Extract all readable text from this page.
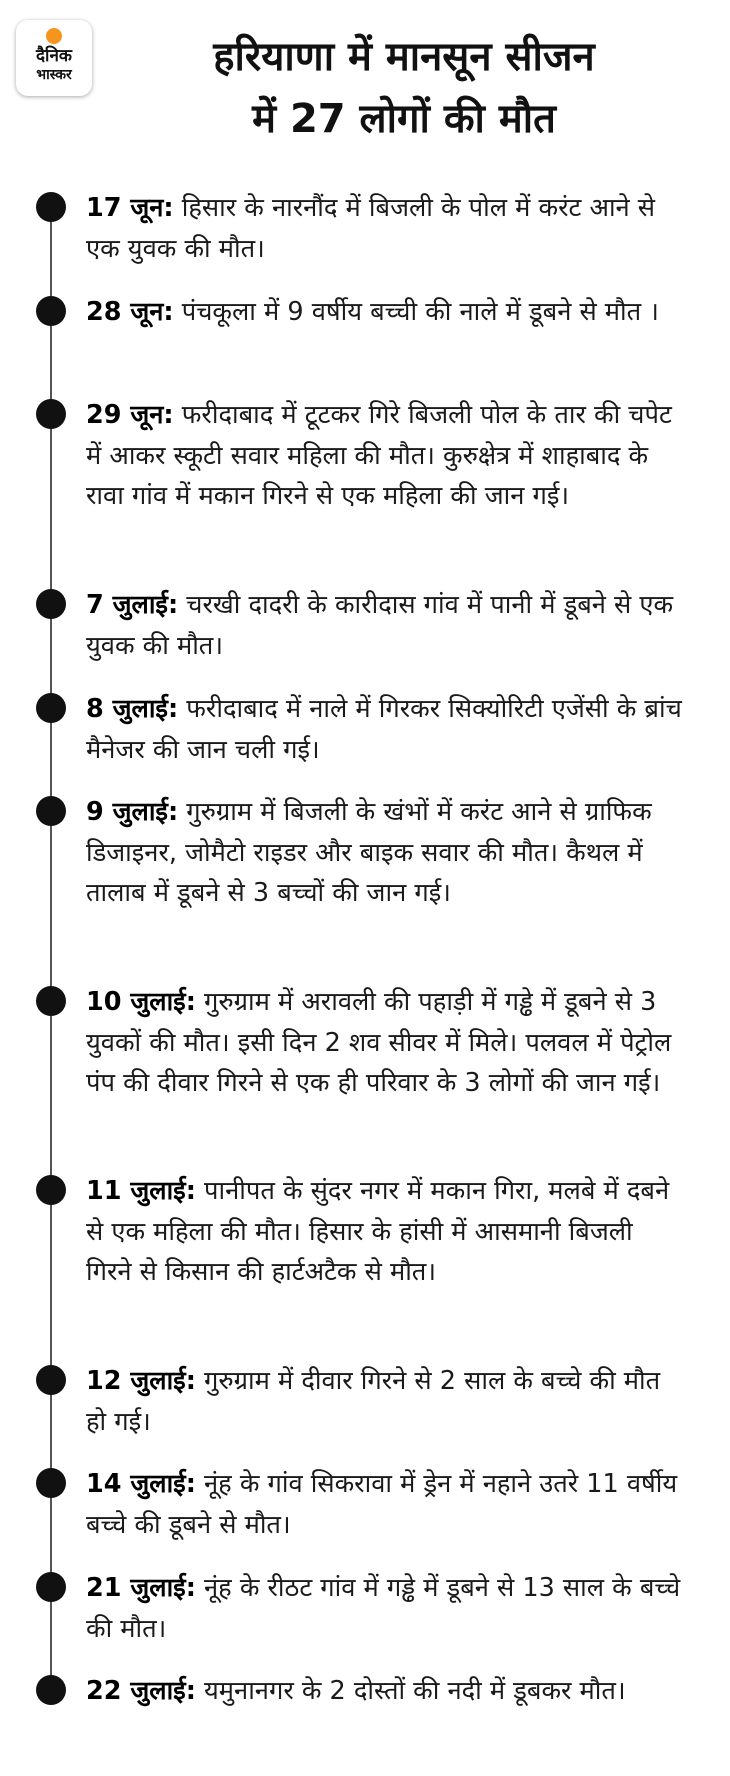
दैनिक
भास्कर	हरियाणा में मानसून सीजन
में 27 लोगों की मौत
17 जून: हिसार के नारनौंद में बिजली के पोल में करंट आने से एक युवक की मौत।
28 जून: पंचकूला में 9 वर्षीय बच्ची की नाले में डूबने से मौत ।
29 जून: फरीदाबाद में टूटकर गिरे बिजली पोल के तार की चपेट में आकर स्कूटी सवार महिला की मौत। कुरुक्षेत्र में शाहाबाद के रावा गांव में मकान गिरने से एक महिला की जान गई।
7 जुलाई: चरखी दादरी के कारीदास गांव में पानी में डूबने से एक युवक की मौत।
8 जुलाई: फरीदाबाद में नाले में गिरकर सिक्योरिटी एजेंसी के ब्रांच मैनेजर की जान चली गई।
9 जुलाई: गुरुग्राम में बिजली के खंभों में करंट आने से ग्राफिक डिजाइनर, जोमैटो राइडर और बाइक सवार की मौत। कैथल में तालाब में डूबने से 3 बच्चों की जान गई।
10 जुलाई: गुरुग्राम में अरावली की पहाड़ी में गड्ढे में डूबने से 3 युवकों की मौत। इसी दिन 2 शव सीवर में मिले। पलवल में पेट्रोल पंप की दीवार गिरने से एक ही परिवार के 3 लोगों की जान गई।
11 जुलाई: पानीपत के सुंदर नगर में मकान गिरा, मलबे में दबने से एक महिला की मौत। हिसार के हांसी में आसमानी बिजली गिरने से किसान की हार्टअटैक से मौत।
12 जुलाई: गुरुग्राम में दीवार गिरने से 2 साल के बच्चे की मौत हो गई।
14 जुलाई: नूंह के गांव सिकरावा में ड्रेन में नहाने उतरे 11 वर्षीय बच्चे की डूबने से मौत।
21 जुलाई: नूंह के रीठट गांव में गड्ढे में डूबने से 13 साल के बच्चे की मौत।
22 जुलाई: यमुनानगर के 2 दोस्तों की नदी में डूबकर मौत।
